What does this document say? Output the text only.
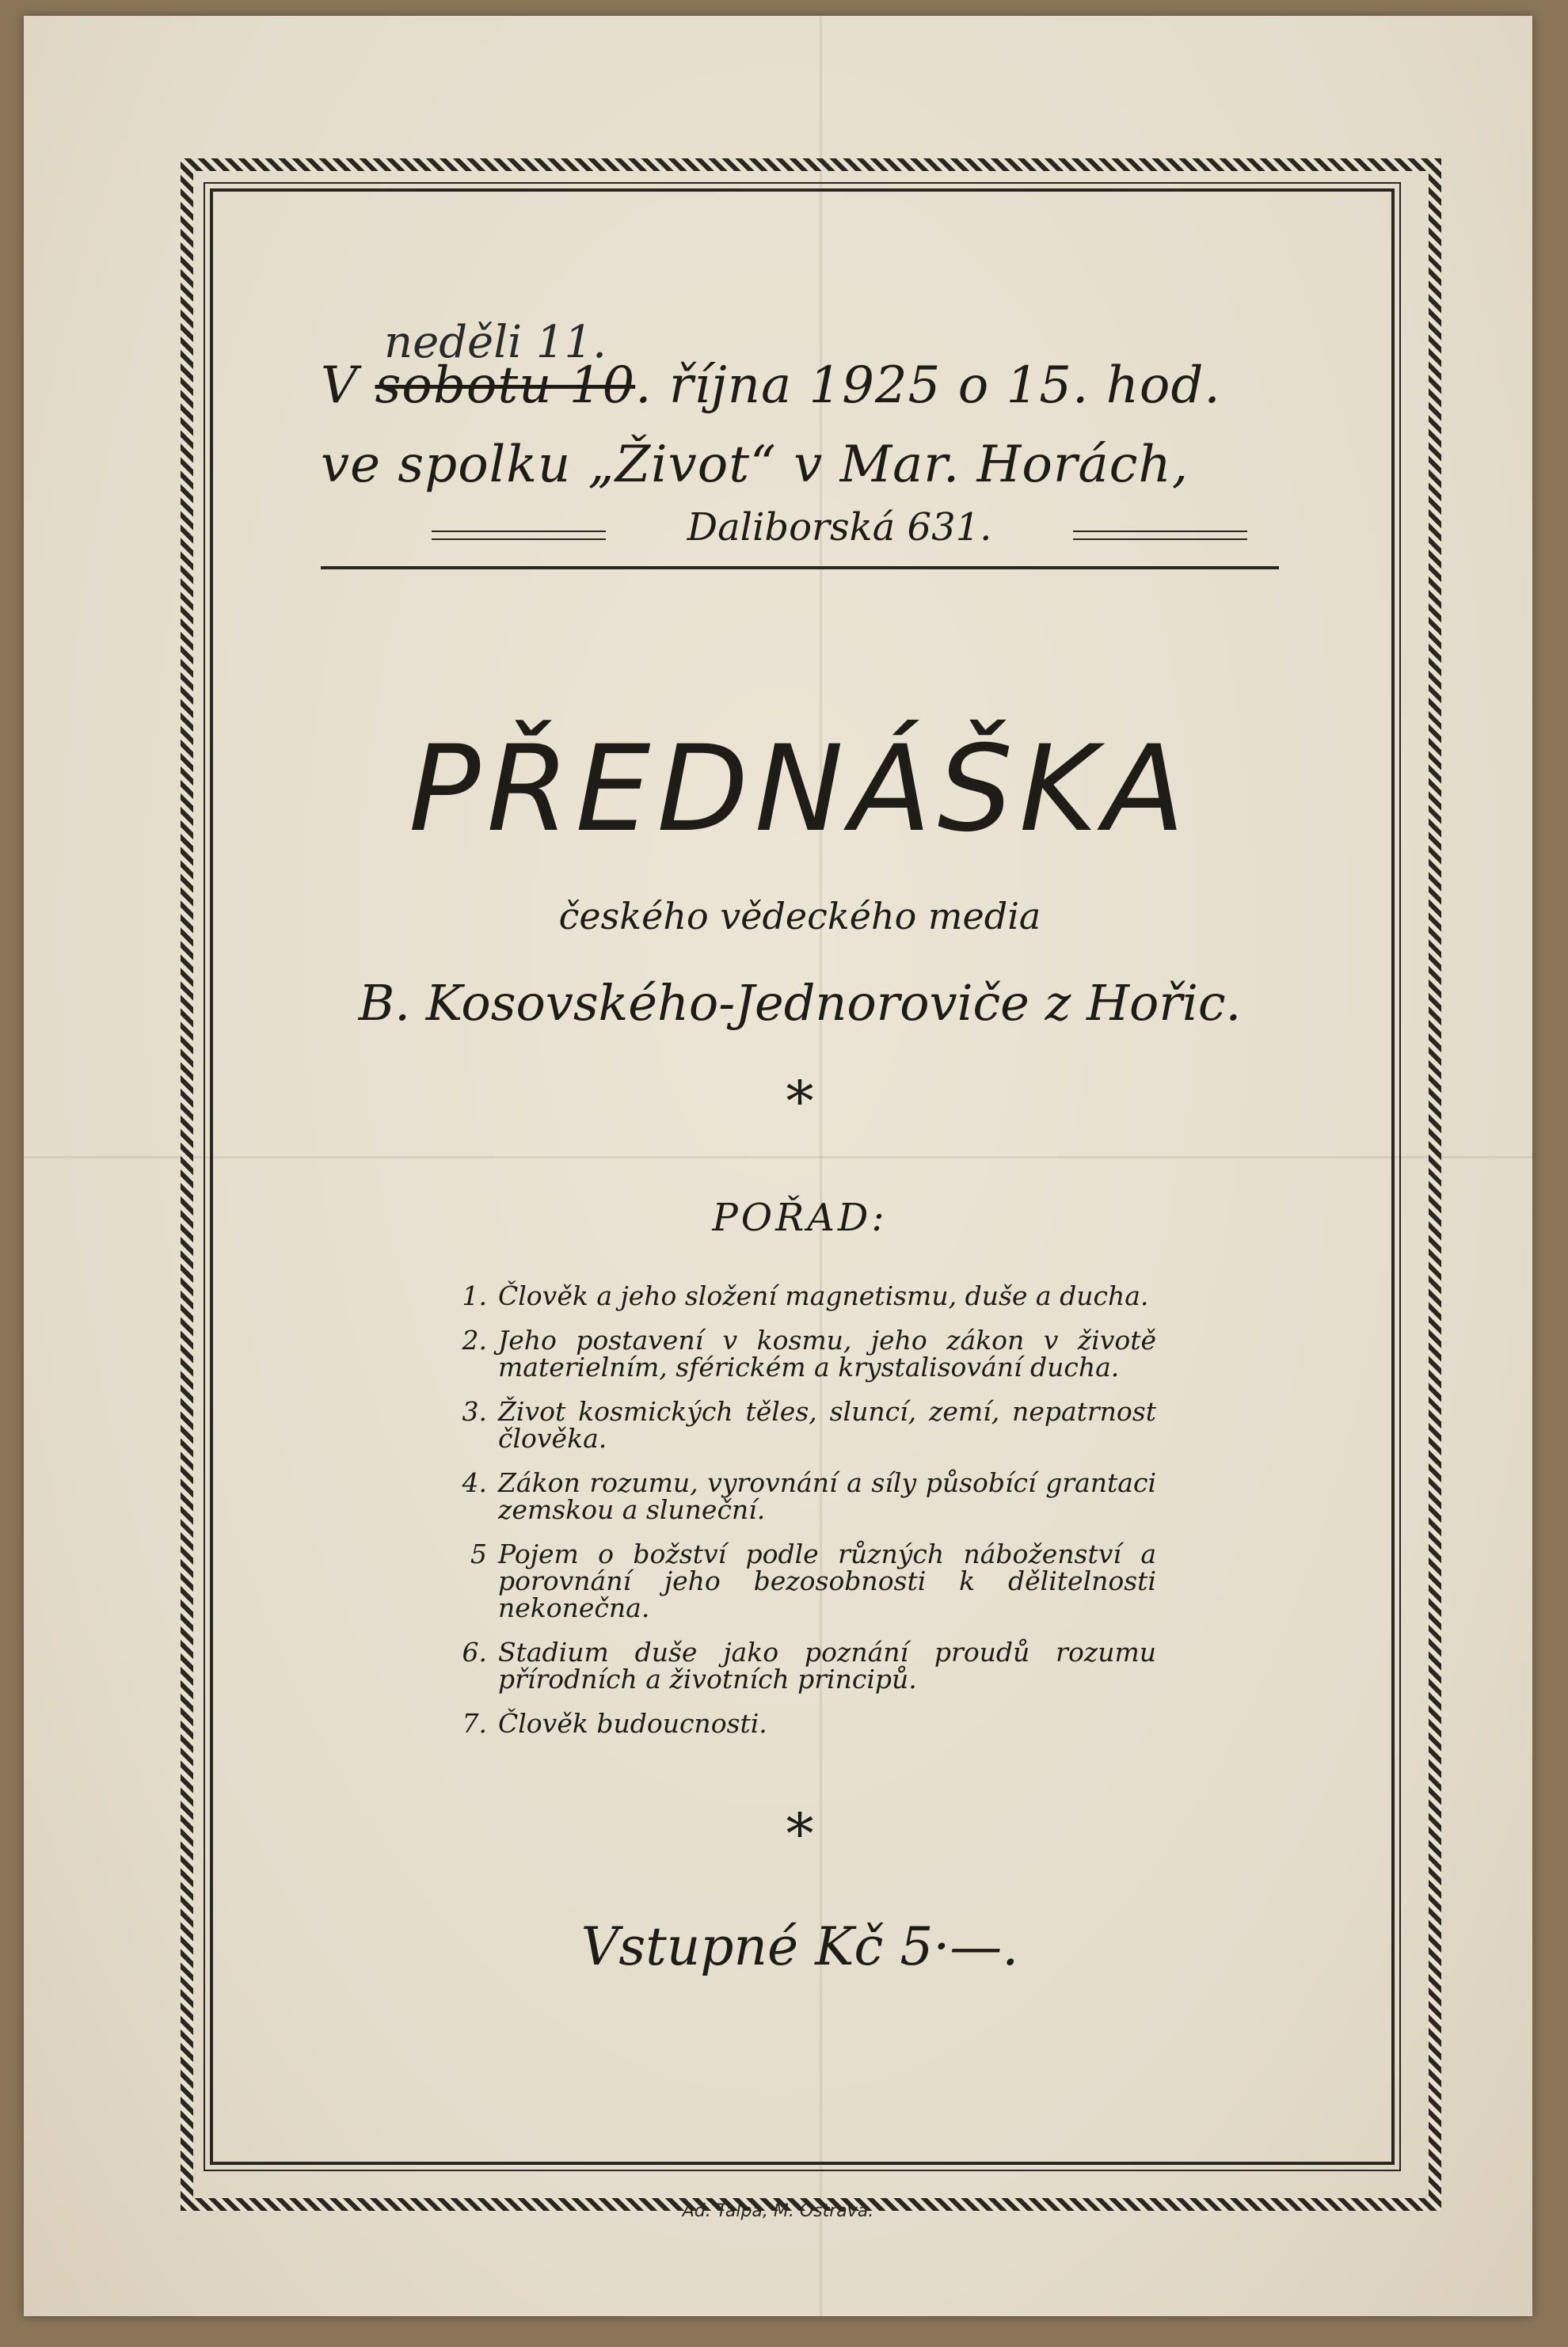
neděli 11.
V sobotu 10. října 1925 o 15. hod.
ve spolku „Život“ v Mar. Horách,
Daliborská 631.
PŘEDNÁŠKA
českého vědeckého media
B. Kosovského-Jednoroviče z Hořic.
*
POŘAD:
1. Člověk a jeho složení magnetismu, duše a ducha.
2. Jeho postavení v kosmu, jeho zákon v životě materielním, sférickém a krystalisování ducha.
3. Život kosmických těles, sluncí, zemí, nepatrnost člověka.
4. Zákon rozumu, vyrovnání a síly působící grantaci zemskou a sluneční.
5 Pojem o božství podle různých náboženství a porovnání jeho bezosobnosti k dělitelnosti nekonečna.
6. Stadium duše jako poznání proudů rozumu přírodních a životních principů.
7. Člověk budoucnosti.
*
Vstupné Kč 5·—.
Ad. Talpa, M. Ostrava.
